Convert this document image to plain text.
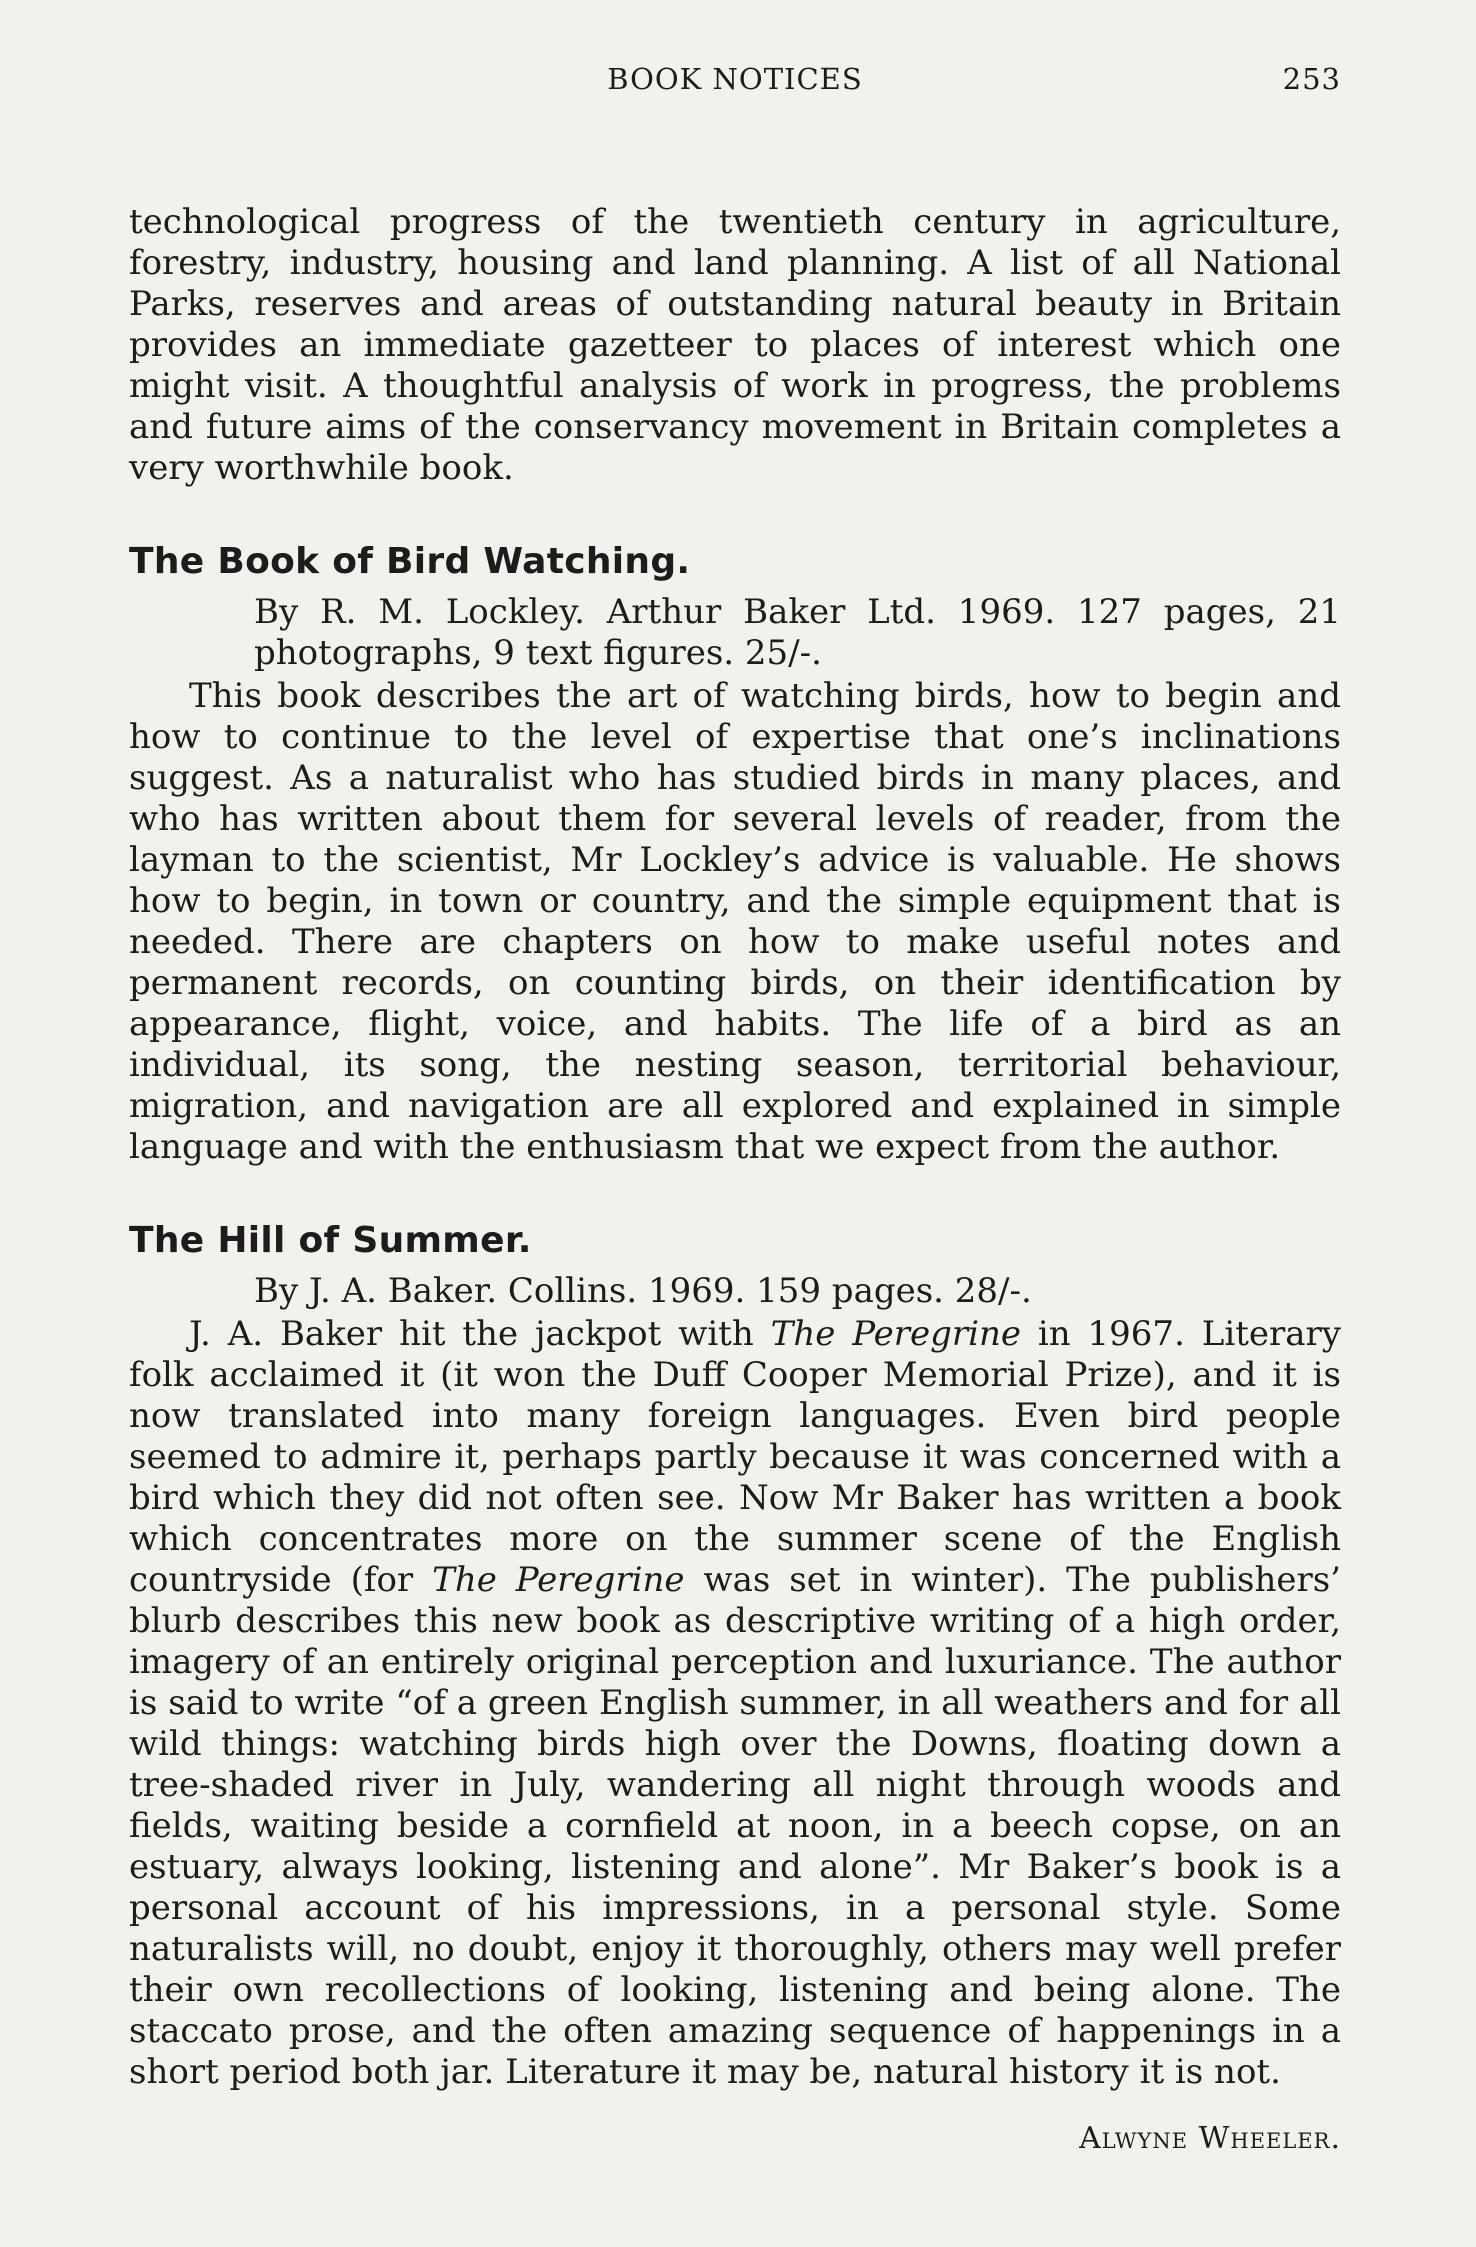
BOOK NOTICES	253

technological progress of the twentieth century in agriculture, forestry, industry, housing and land planning. A list of all National Parks, reserves and areas of outstanding natural beauty in Britain provides an immediate gazetteer to places of interest which one might visit. A thoughtful analysis of work in progress, the problems and future aims of the conservancy movement in Britain completes a very worthwhile book.

The Book of Bird Watching.

By R. M. Lockley. Arthur Baker Ltd. 1969. 127 pages, 21 photographs, 9 text figures. 25/-.

This book describes the art of watching birds, how to begin and how to continue to the level of expertise that one’s inclinations suggest. As a naturalist who has studied birds in many places, and who has written about them for several levels of reader, from the layman to the scientist, Mr Lockley’s advice is valuable. He shows how to begin, in town or country, and the simple equipment that is needed. There are chapters on how to make useful notes and permanent records, on counting birds, on their identification by appearance, flight, voice, and habits. The life of a bird as an individual, its song, the nesting season, territorial behaviour, migration, and navigation are all explored and explained in simple language and with the enthusiasm that we expect from the author.

The Hill of Summer.

By J. A. Baker. Collins. 1969. 159 pages. 28/-.

J. A. Baker hit the jackpot with The Peregrine in 1967. Literary folk acclaimed it (it won the Duff Cooper Memorial Prize), and it is now translated into many foreign languages. Even bird people seemed to admire it, perhaps partly because it was concerned with a bird which they did not often see. Now Mr Baker has written a book which concentrates more on the summer scene of the English countryside (for The Peregrine was set in winter). The publishers’ blurb describes this new book as descriptive writing of a high order, imagery of an entirely original perception and luxuriance. The author is said to write “of a green English summer, in all weathers and for all wild things: watching birds high over the Downs, floating down a tree-shaded river in July, wandering all night through woods and fields, waiting beside a cornfield at noon, in a beech copse, on an estuary, always looking, listening and alone”. Mr Baker’s book is a personal account of his impressions, in a personal style. Some naturalists will, no doubt, enjoy it thoroughly, others may well prefer their own recollections of looking, listening and being alone. The staccato prose, and the often amazing sequence of happenings in a short period both jar. Literature it may be, natural history it is not.

Alwyne Wheeler.
